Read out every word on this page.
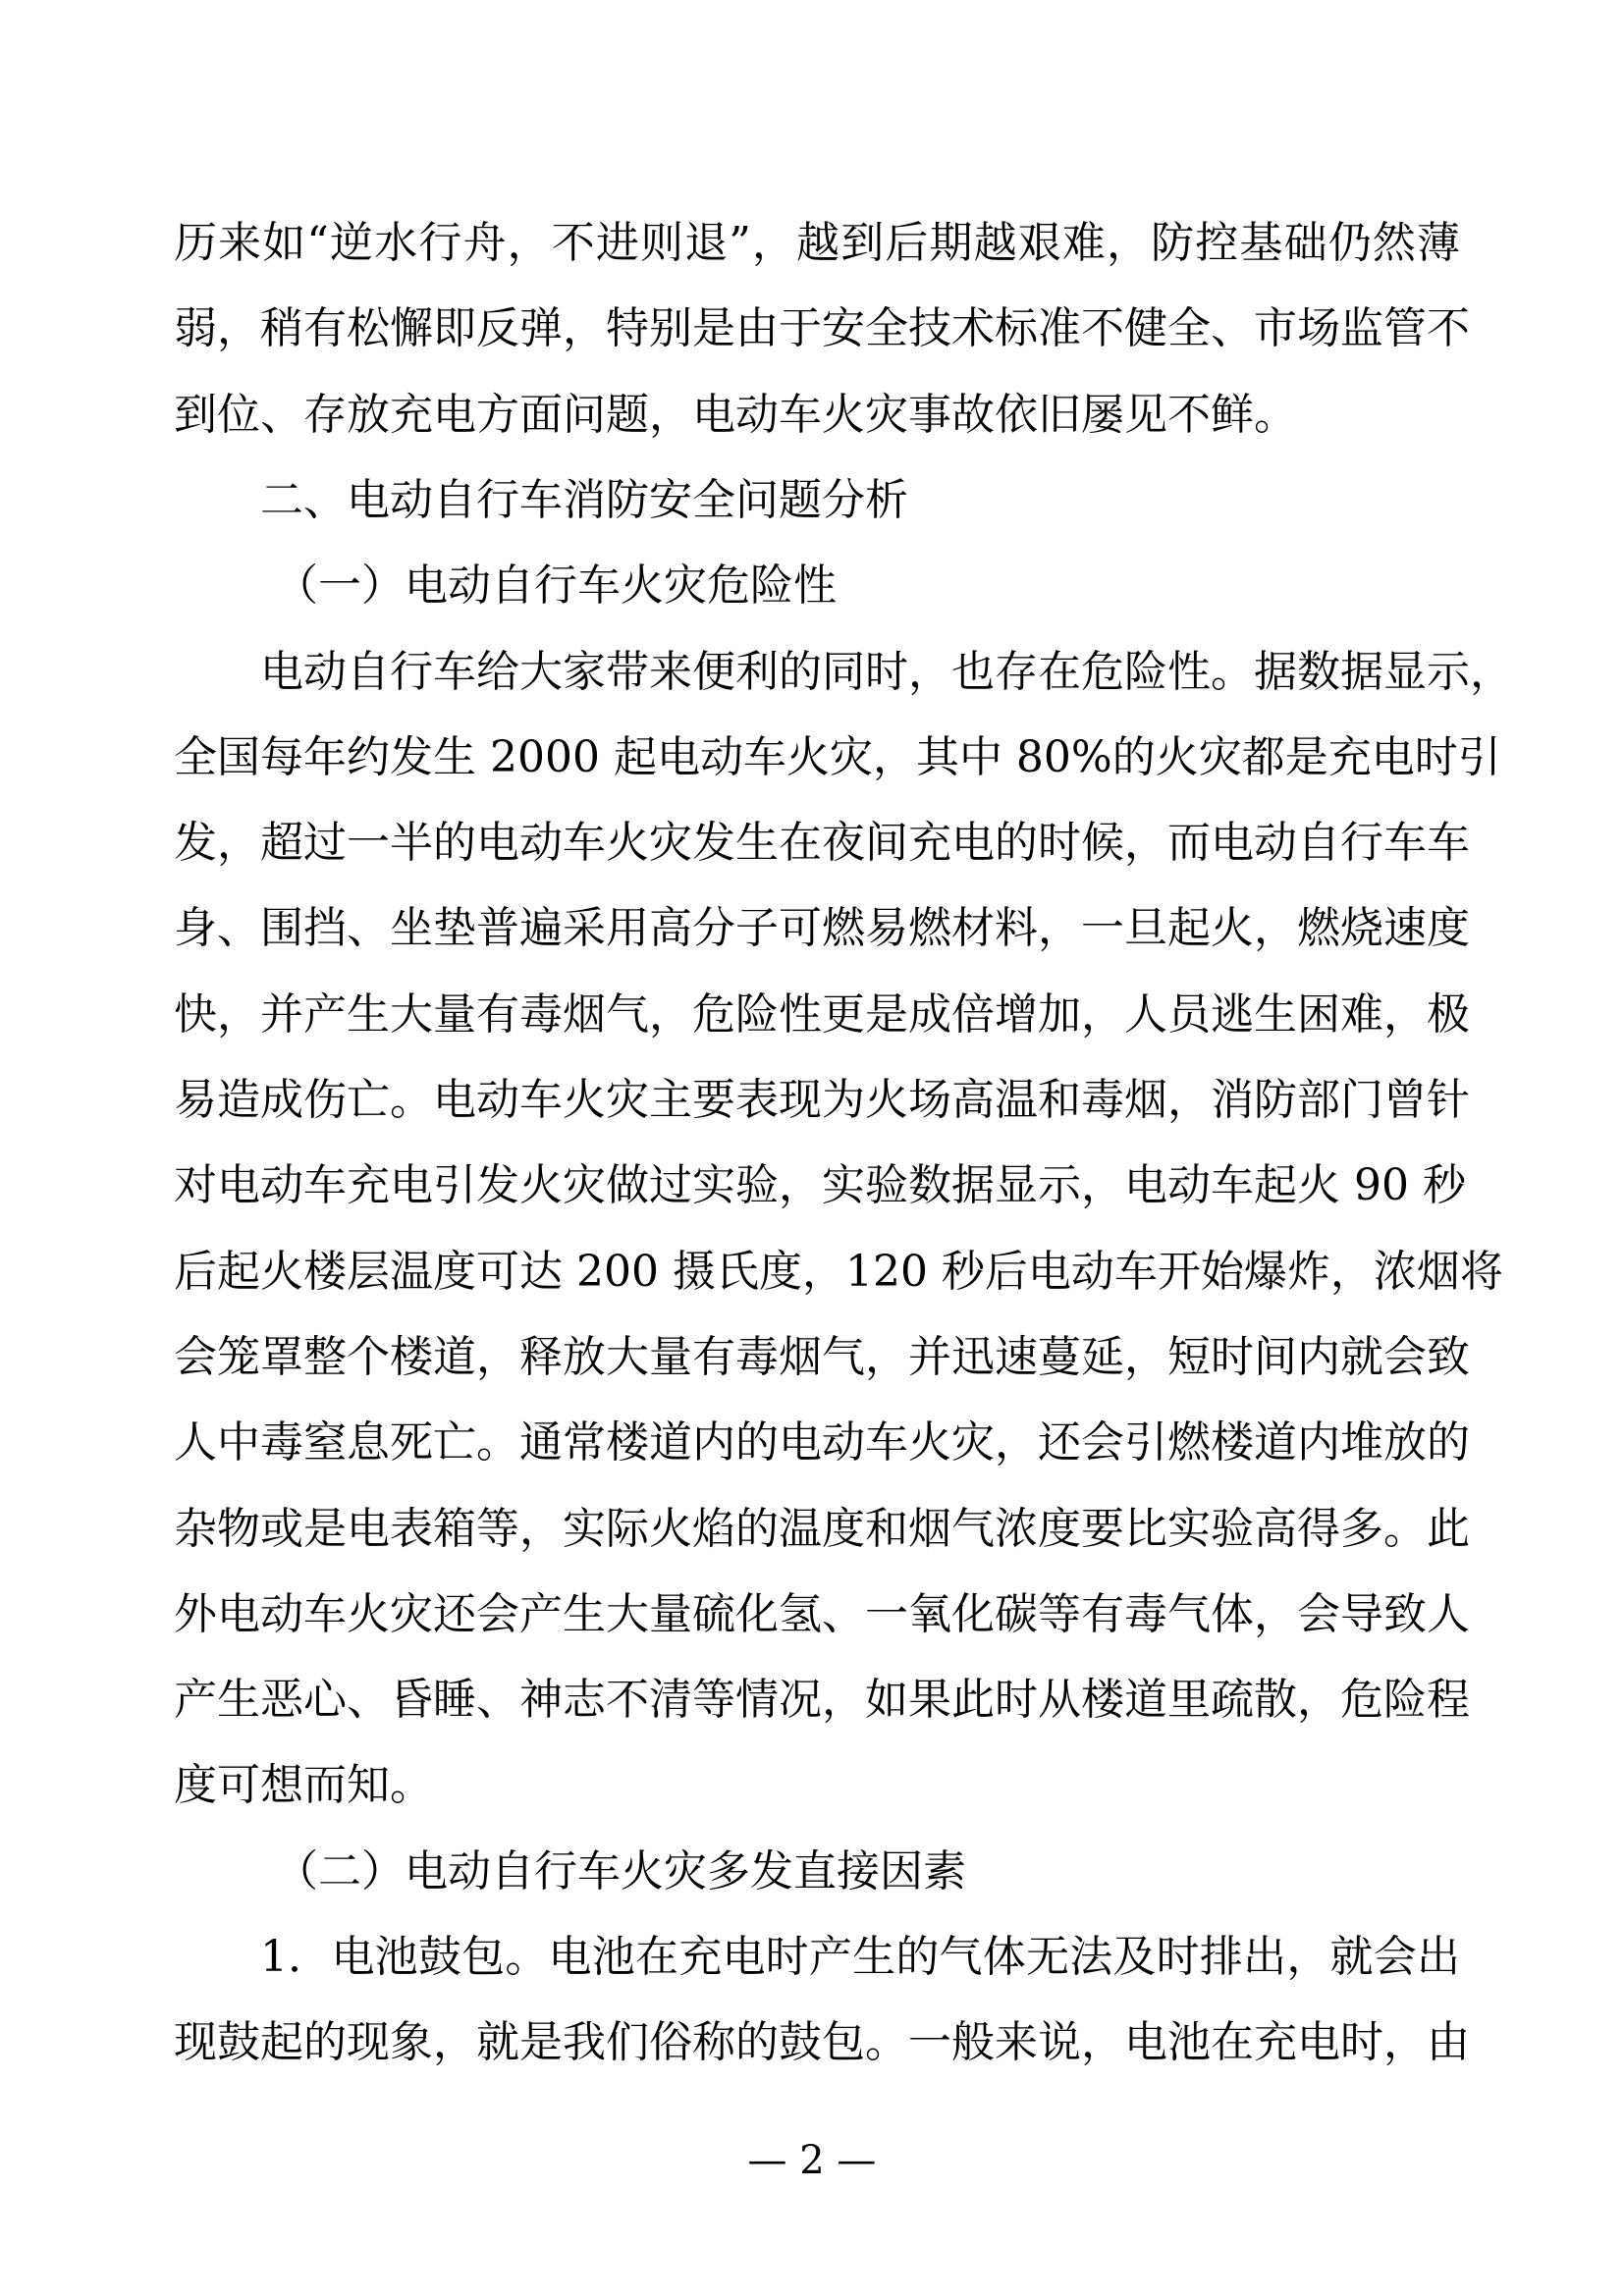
历来如“逆水行舟，不进则退”，越到后期越艰难，防控基础仍然薄
弱，稍有松懈即反弹，特别是由于安全技术标准不健全、市场监管不
到位、存放充电方面问题，电动车火灾事故依旧屡见不鲜。
二、电动自行车消防安全问题分析
（一）电动自行车火灾危险性
电动自行车给大家带来便利的同时，也存在危险性。据数据显示，
全国每年约发生 2000 起电动车火灾，其中 80%的火灾都是充电时引
发，超过一半的电动车火灾发生在夜间充电的时候，而电动自行车车
身、围挡、坐垫普遍采用高分子可燃易燃材料，一旦起火，燃烧速度
快，并产生大量有毒烟气，危险性更是成倍增加，人员逃生困难，极
易造成伤亡。电动车火灾主要表现为火场高温和毒烟，消防部门曾针
对电动车充电引发火灾做过实验，实验数据显示，电动车起火 90 秒
后起火楼层温度可达 200 摄氏度，120 秒后电动车开始爆炸，浓烟将
会笼罩整个楼道，释放大量有毒烟气，并迅速蔓延，短时间内就会致
人中毒窒息死亡。通常楼道内的电动车火灾，还会引燃楼道内堆放的
杂物或是电表箱等，实际火焰的温度和烟气浓度要比实验高得多。此
外电动车火灾还会产生大量硫化氢、一氧化碳等有毒气体，会导致人
产生恶心、昏睡、神志不清等情况，如果此时从楼道里疏散，危险程
度可想而知。
（二）电动自行车火灾多发直接因素
1．电池鼓包。电池在充电时产生的气体无法及时排出，就会出
现鼓起的现象，就是我们俗称的鼓包。一般来说，电池在充电时，由
— 2 —
